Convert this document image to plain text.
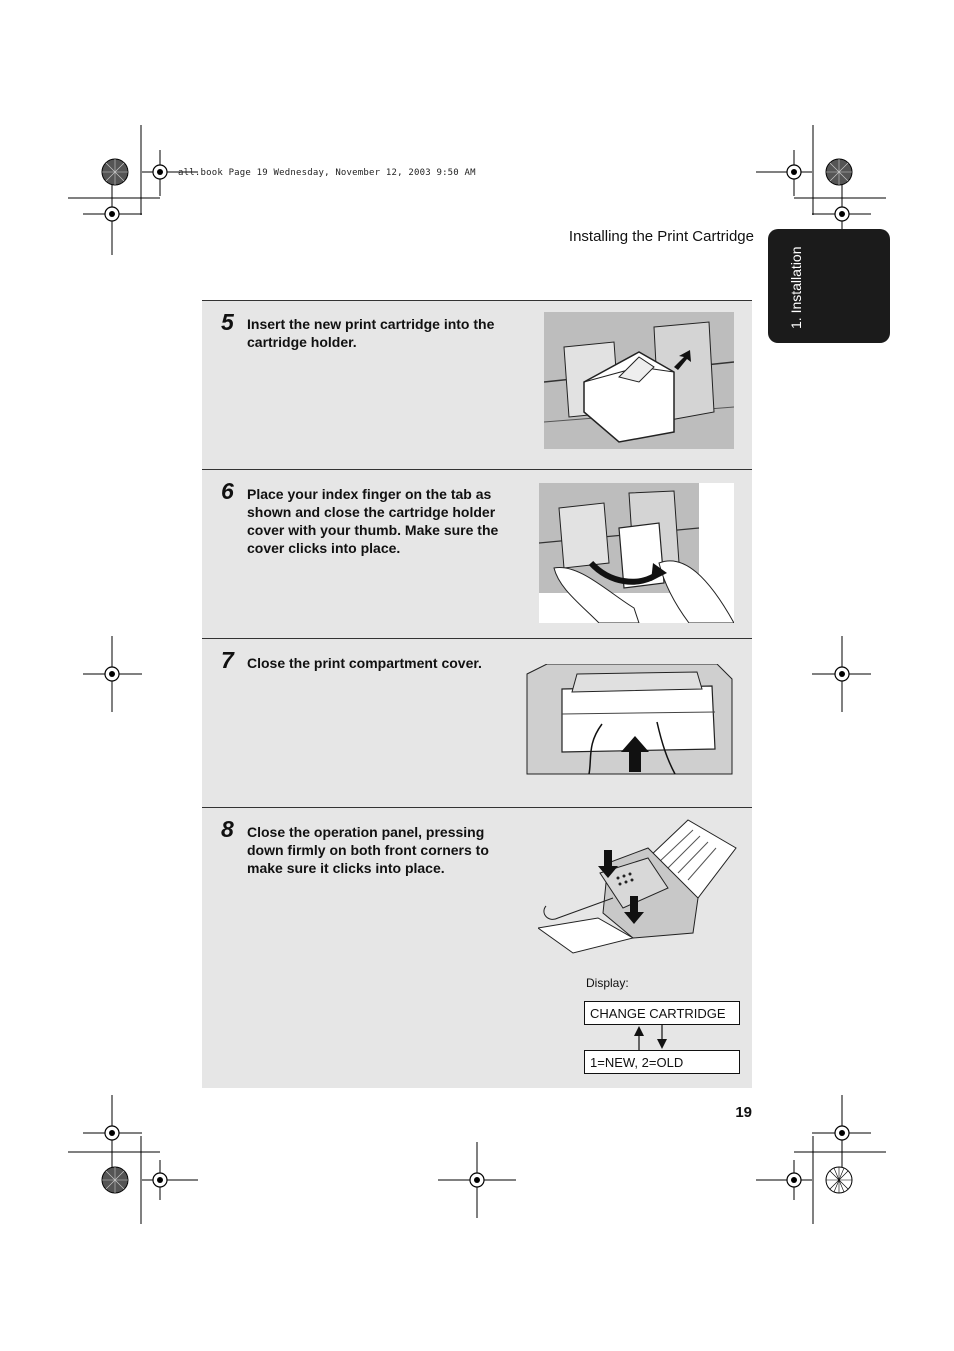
all.book Page 19 Wednesday, November 12, 2003 9:50 AM
Installing the Print Cartridge
1. Installation
5 Insert the new print cartridge into the cartridge holder.
6 Place your index finger on the tab as shown and close the cartridge holder cover with your thumb. Make sure the cover clicks into place.
7 Close the print compartment cover.
8 Close the operation panel, pressing down firmly on both front corners to make sure it clicks into place.
Display:
CHANGE CARTRIDGE
1=NEW, 2=OLD
19
